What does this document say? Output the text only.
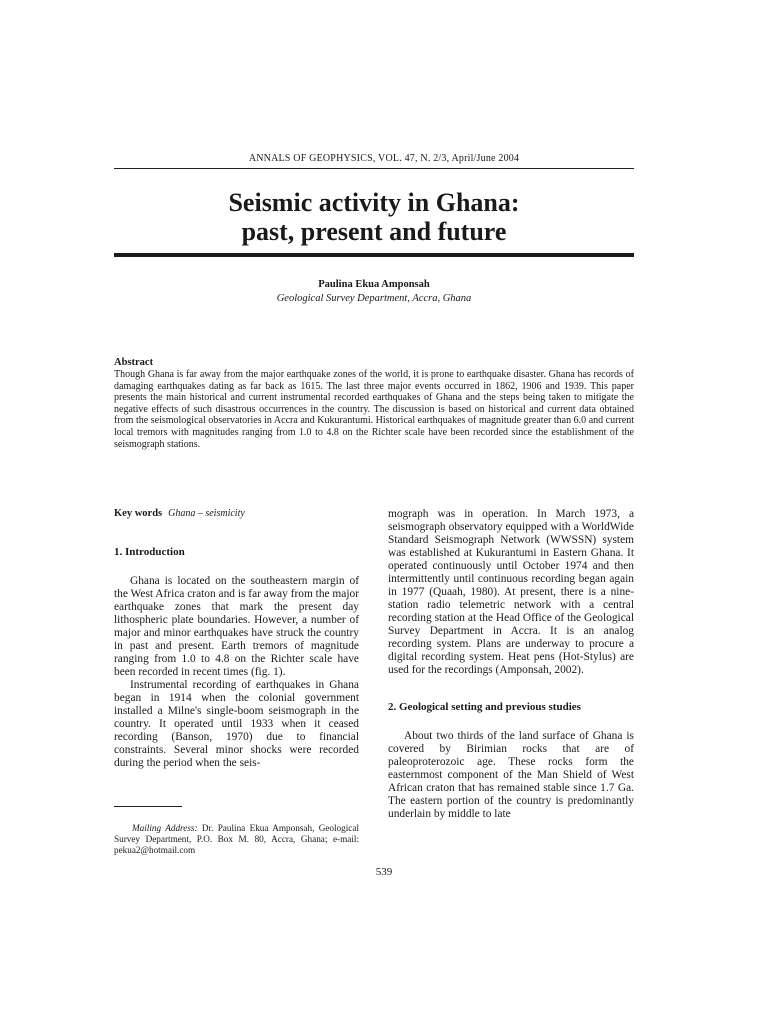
ANNALS OF GEOPHYSICS, VOL. 47, N. 2/3, April/June 2004
Seismic activity in Ghana:
past, present and future
Paulina Ekua Amponsah
Geological Survey Department, Accra, Ghana
Abstract
Though Ghana is far away from the major earthquake zones of the world, it is prone to earthquake disaster. Ghana has records of damaging earthquakes dating as far back as 1615. The last three major events occurred in 1862, 1906 and 1939. This paper presents the main historical and current instrumental recorded earthquakes of Ghana and the steps being taken to mitigate the negative effects of such disastrous occurrences in the country. The discussion is based on historical and current data obtained from the seismological observatories in Accra and Kukurantumi. Historical earthquakes of magnitude greater than 6.0 and current local tremors with magnitudes ranging from 1.0 to 4.8 on the Richter scale have been recorded since the establishment of the seismograph stations.

Key words Ghana – seismicity

1. Introduction

Ghana is located on the southeastern margin of the West Africa craton and is far away from the major earthquake zones that mark the present day lithospheric plate boundaries. However, a number of major and minor earthquakes have struck the country in past and present. Earth tremors of magnitude ranging from 1.0 to 4.8 on the Richter scale have been recorded in recent times (fig. 1).

Instrumental recording of earthquakes in Ghana began in 1914 when the colonial government installed a Milne's single-boom seismograph in the country. It operated until 1933 when it ceased recording (Banson, 1970) due to financial constraints. Several minor shocks were recorded during the period when the seis-

mograph was in operation. In March 1973, a seismograph observatory equipped with a WorldWide Standard Seismograph Network (WWSSN) system was established at Kukurantumi in Eastern Ghana. It operated continuously until October 1974 and then intermittently until continuous recording began again in 1977 (Quaah, 1980). At present, there is a nine-station radio telemetric network with a central recording station at the Head Office of the Geological Survey Department in Accra. It is an analog recording system. Plans are underway to procure a digital recording system. Heat pens (Hot-Stylus) are used for the recordings (Amponsah, 2002).

2. Geological setting and previous studies

About two thirds of the land surface of Ghana is covered by Birimian rocks that are of paleoproterozoic age. These rocks form the easternmost component of the Man Shield of West African craton that has remained stable since 1.7 Ga. The eastern portion of the country is predominantly underlain by middle to late

Mailing Address: Dr. Paulina Ekua Amponsah, Geological Survey Department, P.O. Box M. 80, Accra, Ghana; e-mail: pekua2@hotmail.com
539
